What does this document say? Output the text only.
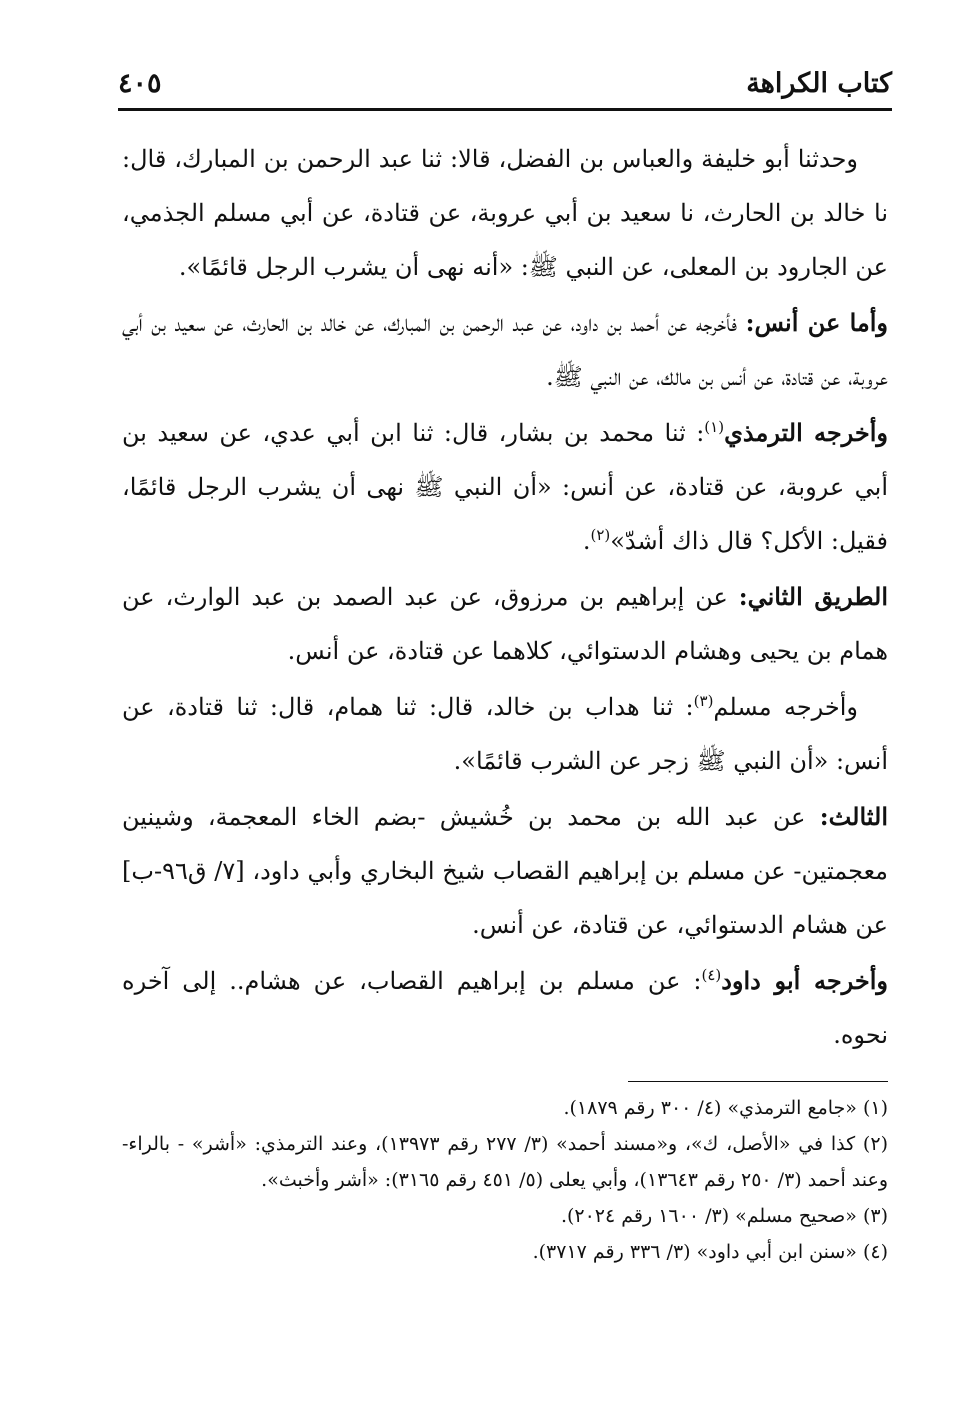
كتاب الكراهة
٤٠٥

وحدثنا أبو خليفة والعباس بن الفضل، قالا: ثنا عبد الرحمن بن المبارك، قال: نا خالد بن الحارث، نا سعيد بن أبي عروبة، عن قتادة، عن أبي مسلم الجذمي، عن الجارود بن المعلى، عن النبي ﷺ: «أنه نهى أن يشرب الرجل قائمًا».

وأما عن أنس: فأخرجه عن أحمد بن داود، عن عبد الرحمن بن المبارك، عن خالد بن الحارث، عن سعيد بن أبي عروبة، عن قتادة، عن أنس بن مالك، عن النبي ﷺ.

وأخرجه الترمذي$^{(١)}$: ثنا محمد بن بشار، قال: ثنا ابن أبي عدي، عن سعيد بن أبي عروبة، عن قتادة، عن أنس: «أن النبي ﷺ نهى أن يشرب الرجل قائمًا، فقيل: الأكل؟ قال ذاك أشدّ»$^{(٢)}$.

الطريق الثاني: عن إبراهيم بن مرزوق، عن عبد الصمد بن عبد الوارث، عن همام بن يحيى وهشام الدستوائي، كلاهما عن قتادة، عن أنس.

وأخرجه مسلم$^{(٣)}$: ثنا هداب بن خالد، قال: ثنا همام، قال: ثنا قتادة، عن أنس: «أن النبي ﷺ زجر عن الشرب قائمًا».

الثالث: عن عبد الله بن محمد بن خُشيش -بضم الخاء المعجمة، وشينين معجمتين- عن مسلم بن إبراهيم القصاب شيخ البخاري وأبي داود، [٧/ ق٩٦-ب] عن هشام الدستوائي، عن قتادة، عن أنس.

وأخرجه أبو داود$^{(٤)}$: عن مسلم بن إبراهيم القصاب، عن هشام.. إلى آخره نحوه.

(١) «جامع الترمذي» (٤/ ٣٠٠ رقم ١٨٧٩).

(٢) كذا في «الأصل، ك»، و«مسند أحمد» (٣/ ٢٧٧ رقم ١٣٩٧٣)، وعند الترمذي: «أشر» - بالراء- وعند أحمد (٣/ ٢٥٠ رقم ١٣٦٤٣)، وأبي يعلى (٥/ ٤٥١ رقم ٣١٦٥): «أشر وأخبث».

(٣) «صحيح مسلم» (٣/ ١٦٠٠ رقم ٢٠٢٤).

(٤) «سنن ابن أبي داود» (٣/ ٣٣٦ رقم ٣٧١٧).
